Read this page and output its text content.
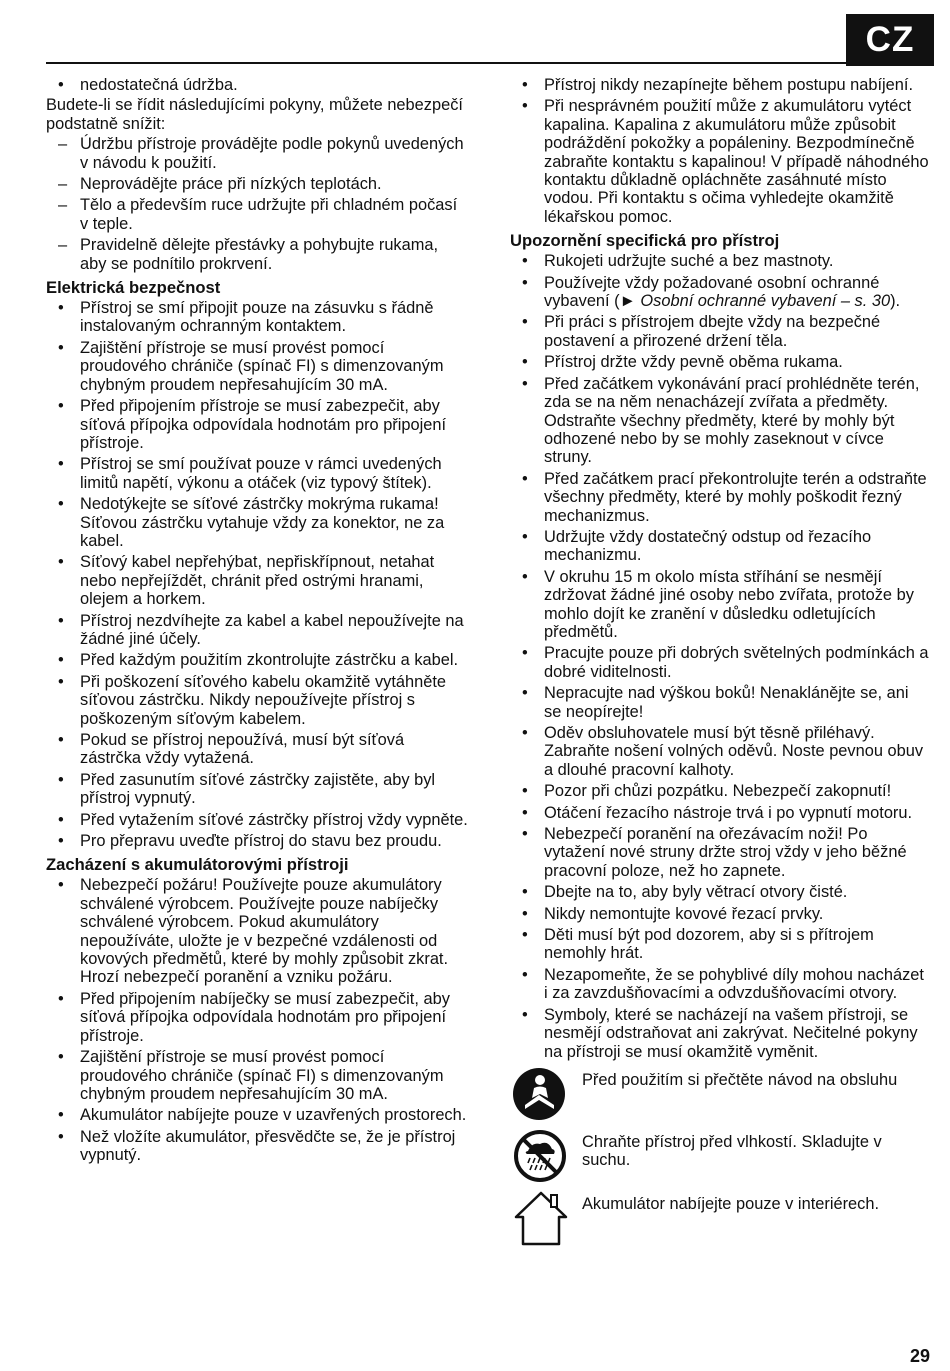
CZ
• nedostatečná údržba.

Budete-li se řídit následujícími pokyny, můžete nebezpečí podstatně snížit:

– Údržbu přístroje provádějte podle pokynů uvedených v návodu k použití.
– Neprovádějte práce při nízkých teplotách.
– Tělo a především ruce udržujte při chladném počasí v teple.
– Pravidelně dělejte přestávky a pohybujte rukama, aby se podnítilo prokrvení.
Elektrická bezpečnost
• Přístroj se smí připojit pouze na zásuvku s řádně instalovaným ochranným kontaktem.
• Zajištění přístroje se musí provést pomocí proudového chrániče (spínač FI) s dimenzovaným chybným proudem nepřesahujícím 30 mA.
• Před připojením přístroje se musí zabezpečit, aby síťová přípojka odpovídala hodnotám pro připojení přístroje.
• Přístroj se smí používat pouze v rámci uvedených limitů napětí, výkonu a otáček (viz typový štítek).
• Nedotýkejte se síťové zástrčky mokrýma rukama! Síťovou zástrčku vytahuje vždy za konektor, ne za kabel.
• Síťový kabel nepřehýbat, nepřiskřípnout, netahat nebo nepřejíždět, chránit před ostrými hranami, olejem a horkem.
• Přístroj nezdvíhejte za kabel a kabel nepoužívejte na žádné jiné účely.
• Před každým použitím zkontrolujte zástrčku a kabel.
• Při poškození síťového kabelu okamžitě vytáhněte síťovou zástrčku. Nikdy nepoužívejte přístroj s poškozeným síťovým kabelem.
• Pokud se přístroj nepoužívá, musí být síťová zástrčka vždy vytažená.
• Před zasunutím síťové zástrčky zajistěte, aby byl přístroj vypnutý.
• Před vytažením síťové zástrčky přístroj vždy vypněte.
• Pro přepravu uveďte přístroj do stavu bez proudu.
Zacházení s akumulátorovými přístroji
• Nebezpečí požáru! Používejte pouze akumulátory schválené výrobcem. Používejte pouze nabíječky schválené výrobcem. Pokud akumulátory nepoužíváte, uložte je v bezpečné vzdálenosti od kovových předmětů, které by mohly způsobit zkrat. Hrozí nebezpečí poranění a vzniku požáru.
• Před připojením nabíječky se musí zabezpečit, aby síťová přípojka odpovídala hodnotám pro připojení přístroje.
• Zajištění přístroje se musí provést pomocí proudového chrániče (spínač FI) s dimenzovaným chybným proudem nepřesahujícím 30 mA.
• Akumulátor nabíjejte pouze v uzavřených prostorech.
• Než vložíte akumulátor, přesvědčte se, že je přístroj vypnutý.
• Přístroj nikdy nezapínejte během postupu nabíjení.
• Při nesprávném použití může z akumulátoru vytéct kapalina. Kapalina z akumulátoru může způsobit podráždění pokožky a popáleniny. Bezpodmínečně zabraňte kontaktu s kapalinou! V případě náhodného kontaktu důkladně opláchněte zasáhnuté místo vodou. Při kontaktu s očima vyhledejte okamžitě lékařskou pomoc.
Upozornění specifická pro přístroj
• Rukojeti udržujte suché a bez mastnoty.
• Používejte vždy požadované osobní ochranné vybavení (► Osobní ochranné vybavení – s. 30).
• Při práci s přístrojem dbejte vždy na bezpečné postavení a přirozené držení těla.
• Přístroj držte vždy pevně oběma rukama.
• Před začátkem vykonávání prací prohlédněte terén, zda se na něm nenacházejí zvířata a předměty. Odstraňte všechny předměty, které by mohly být odhozené nebo by se mohly zaseknout v cívce struny.
• Před začátkem prací překontrolujte terén a odstraňte všechny předměty, které by mohly poškodit řezný mechanizmus.
• Udržujte vždy dostatečný odstup od řezacího mechanizmu.
• V okruhu 15 m okolo místa stříhání se nesmějí zdržovat žádné jiné osoby nebo zvířata, protože by mohlo dojít ke zranění v důsledku odletujících předmětů.
• Pracujte pouze při dobrých světelných podmínkách a dobré viditelnosti.
• Nepracujte nad výškou boků! Nenaklánějte se, ani se neopírejte!
• Oděv obsluhovatele musí být těsně přiléhavý. Zabraňte nošení volných oděvů. Noste pevnou obuv a dlouhé pracovní kalhoty.
• Pozor při chůzi pozpátku. Nebezpečí zakopnutí!
• Otáčení řezacího nástroje trvá i po vypnutí motoru.
• Nebezpečí poranění na ořezávacím noži! Po vytažení nové struny držte stroj vždy v jeho běžné pracovní poloze, než ho zapnete.
• Dbejte na to, aby byly větrací otvory čisté.
• Nikdy nemontujte kovové řezací prvky.
• Děti musí být pod dozorem, aby si s přítrojem nemohly hrát.
• Nezapomeňte, že se pohyblivé díly mohou nacházet i za zavzdušňovacími a odvzdušňovacími otvory.
• Symboly, které se nacházejí na vašem přístroji, se nesmějí odstraňovat ani zakrývat. Nečitelné pokyny na přístroji se musí okamžitě vyměnit.
Před použitím si přečtěte návod na obsluhu
Chraňte přístroj před vlhkostí. Skladujte v suchu.
Akumulátor nabíjejte pouze v interiérech.
29
